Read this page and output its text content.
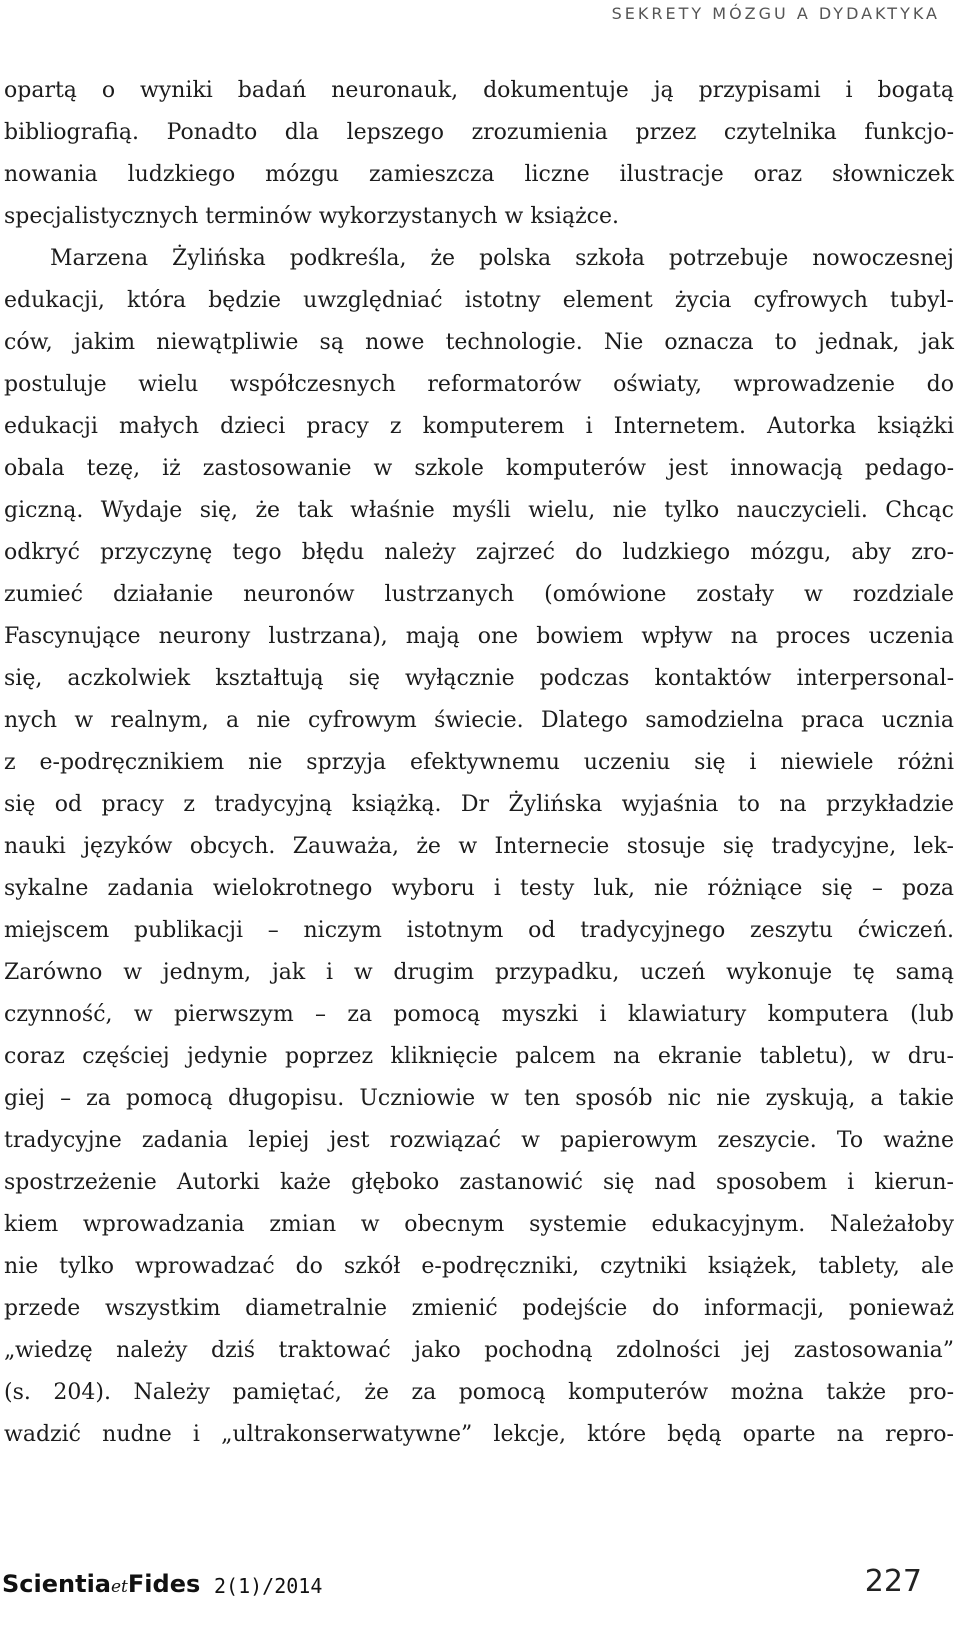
SEKRETY MÓZGU A DYDAKTYKA
opartą o wyniki badań neuronauk, dokumentuje ją przypisami i bogatą
bibliografią. Ponadto dla lepszego zrozumienia przez czytelnika funkcjo-
nowania ludzkiego mózgu zamieszcza liczne ilustracje oraz słowniczek
specjalistycznych terminów wykorzystanych w książce.
Marzena Żylińska podkreśla, że polska szkoła potrzebuje nowoczesnej
edukacji, która będzie uwzględniać istotny element życia cyfrowych tubyl-
ców, jakim niewątpliwie są nowe technologie. Nie oznacza to jednak, jak
postuluje wielu współczesnych reformatorów oświaty, wprowadzenie do
edukacji małych dzieci pracy z komputerem i Internetem. Autorka książki
obala tezę, iż zastosowanie w szkole komputerów jest innowacją pedago-
giczną. Wydaje się, że tak właśnie myśli wielu, nie tylko nauczycieli. Chcąc
odkryć przyczynę tego błędu należy zajrzeć do ludzkiego mózgu, aby zro-
zumieć działanie neuronów lustrzanych (omówione zostały w rozdziale
Fascynujące neurony lustrzana), mają one bowiem wpływ na proces uczenia
się, aczkolwiek kształtują się wyłącznie podczas kontaktów interpersonal-
nych w realnym, a nie cyfrowym świecie. Dlatego samodzielna praca ucznia
z e-podręcznikiem nie sprzyja efektywnemu uczeniu się i niewiele różni
się od pracy z tradycyjną książką. Dr Żylińska wyjaśnia to na przykładzie
nauki języków obcych. Zauważa, że w Internecie stosuje się tradycyjne, lek-
sykalne zadania wielokrotnego wyboru i testy luk, nie różniące się – poza
miejscem publikacji – niczym istotnym od tradycyjnego zeszytu ćwiczeń.
Zarówno w jednym, jak i w drugim przypadku, uczeń wykonuje tę samą
czynność, w pierwszym – za pomocą myszki i klawiatury komputera (lub
coraz częściej jedynie poprzez kliknięcie palcem na ekranie tabletu), w dru-
giej – za pomocą długopisu. Uczniowie w ten sposób nic nie zyskują, a takie
tradycyjne zadania lepiej jest rozwiązać w papierowym zeszycie. To ważne
spostrzeżenie Autorki każe głęboko zastanowić się nad sposobem i kierun-
kiem wprowadzania zmian w obecnym systemie edukacyjnym. Należałoby
nie tylko wprowadzać do szkół e-podręczniki, czytniki książek, tablety, ale
przede wszystkim diametralnie zmienić podejście do informacji, ponieważ
„wiedzę należy dziś traktować jako pochodną zdolności jej zastosowania”
(s. 204). Należy pamiętać, że za pomocą komputerów można także pro-
wadzić nudne i „ultrakonserwatywne” lekcje, które będą oparte na repro-
ScientiaetFides 2(1)/2014	227
